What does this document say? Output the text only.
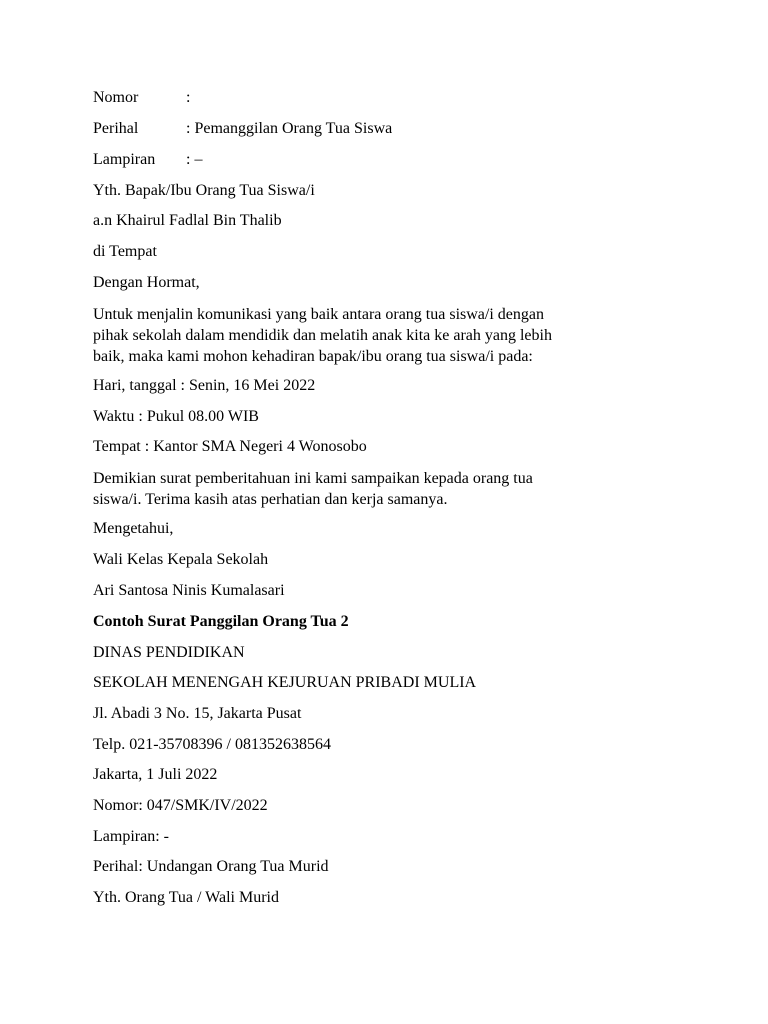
Nomor	:

Perihal	: Pemanggilan Orang Tua Siswa

Lampiran : –

Yth. Bapak/Ibu Orang Tua Siswa/i

a.n Khairul Fadlal Bin Thalib

di Tempat

Dengan Hormat,

Untuk menjalin komunikasi yang baik antara orang tua siswa/i dengan
pihak sekolah dalam mendidik dan melatih anak kita ke arah yang lebih
baik, maka kami mohon kehadiran bapak/ibu orang tua siswa/i pada:

Hari, tanggal : Senin, 16 Mei 2022

Waktu : Pukul 08.00 WIB

Tempat : Kantor SMA Negeri 4 Wonosobo

Demikian surat pemberitahuan ini kami sampaikan kepada orang tua
siswa/i. Terima kasih atas perhatian dan kerja samanya.

Mengetahui,

Wali Kelas Kepala Sekolah

Ari Santosa Ninis Kumalasari

Contoh Surat Panggilan Orang Tua 2

DINAS PENDIDIKAN

SEKOLAH MENENGAH KEJURUAN PRIBADI MULIA

Jl. Abadi 3 No. 15, Jakarta Pusat

Telp. 021-35708396 / 081352638564

Jakarta, 1 Juli 2022

Nomor: 047/SMK/IV/2022

Lampiran: -

Perihal: Undangan Orang Tua Murid

Yth. Orang Tua / Wali Murid
